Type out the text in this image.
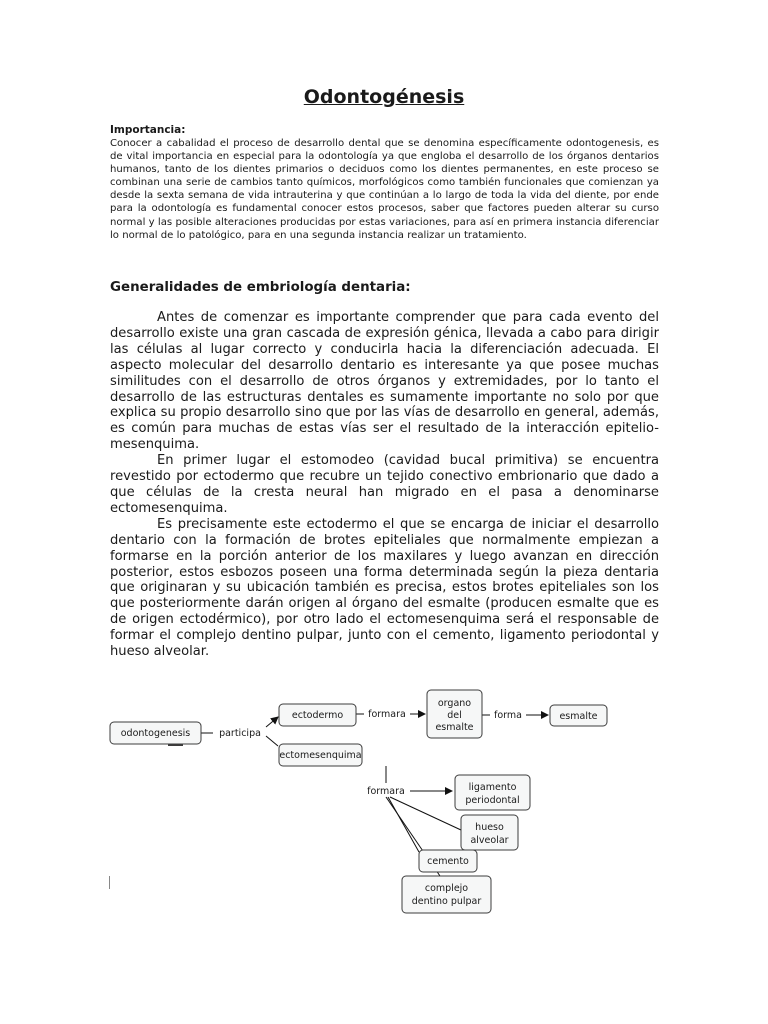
Odontogénesis
Importancia:

Conocer a cabalidad el proceso de desarrollo dental que se denomina específicamente odontogenesis, es de vital importancia en especial para la odontología ya que engloba el desarrollo de los órganos dentarios humanos, tanto de los dientes primarios o deciduos como los dientes permanentes, en este proceso se combinan una serie de cambios tanto químicos, morfológicos como también funcionales que comienzan ya desde la sexta semana de vida intrauterina y que continúan a lo largo de toda la vida del diente, por ende para la odontología es fundamental conocer estos procesos, saber que factores pueden alterar su curso normal y las posible alteraciones producidas por estas variaciones, para así en primera instancia diferenciar lo normal de lo patológico, para en una segunda instancia realizar un tratamiento.

Generalidades de embriología dentaria:

Antes de comenzar es importante comprender que para cada evento del desarrollo existe una gran cascada de expresión génica, llevada a cabo para dirigir las células al lugar correcto y conducirla hacia la diferenciación adecuada. El aspecto molecular del desarrollo dentario es interesante ya que posee muchas similitudes con el desarrollo de otros órganos y extremidades, por lo tanto el desarrollo de las estructuras dentales es sumamente importante no solo por que explica su propio desarrollo sino que por las vías de desarrollo en general, además, es común para muchas de estas vías ser el resultado de la interacción epitelio-mesenquima.

En primer lugar el estomodeo (cavidad bucal primitiva) se encuentra revestido por ectodermo que recubre un tejido conectivo embrionario que dado a que células de la cresta neural han migrado en el pasa a denominarse ectomesenquima.

Es precisamente este ectodermo el que se encarga de iniciar el desarrollo dentario con la formación de brotes epiteliales que normalmente empiezan a formarse en la porción anterior de los maxilares y luego avanzan en dirección posterior, estos esbozos poseen una forma determinada según la pieza dentaria que originaran y su ubicación también es precisa, estos brotes epiteliales son los que posteriormente darán origen al órgano del esmalte (producen esmalte que es de origen ectodérmico), por otro lado el ectomesenquima será el responsable de formar el complejo dentino pulpar, junto con el cemento, ligamento periodontal y hueso alveolar.

participa
formara	forma
formara
odontogenesis
ectodermo
organo
del
esmalte
esmalte
ectomesenquima
ligamento
periodontal
hueso
alveolar
cemento
complejo
dentino pulpar
